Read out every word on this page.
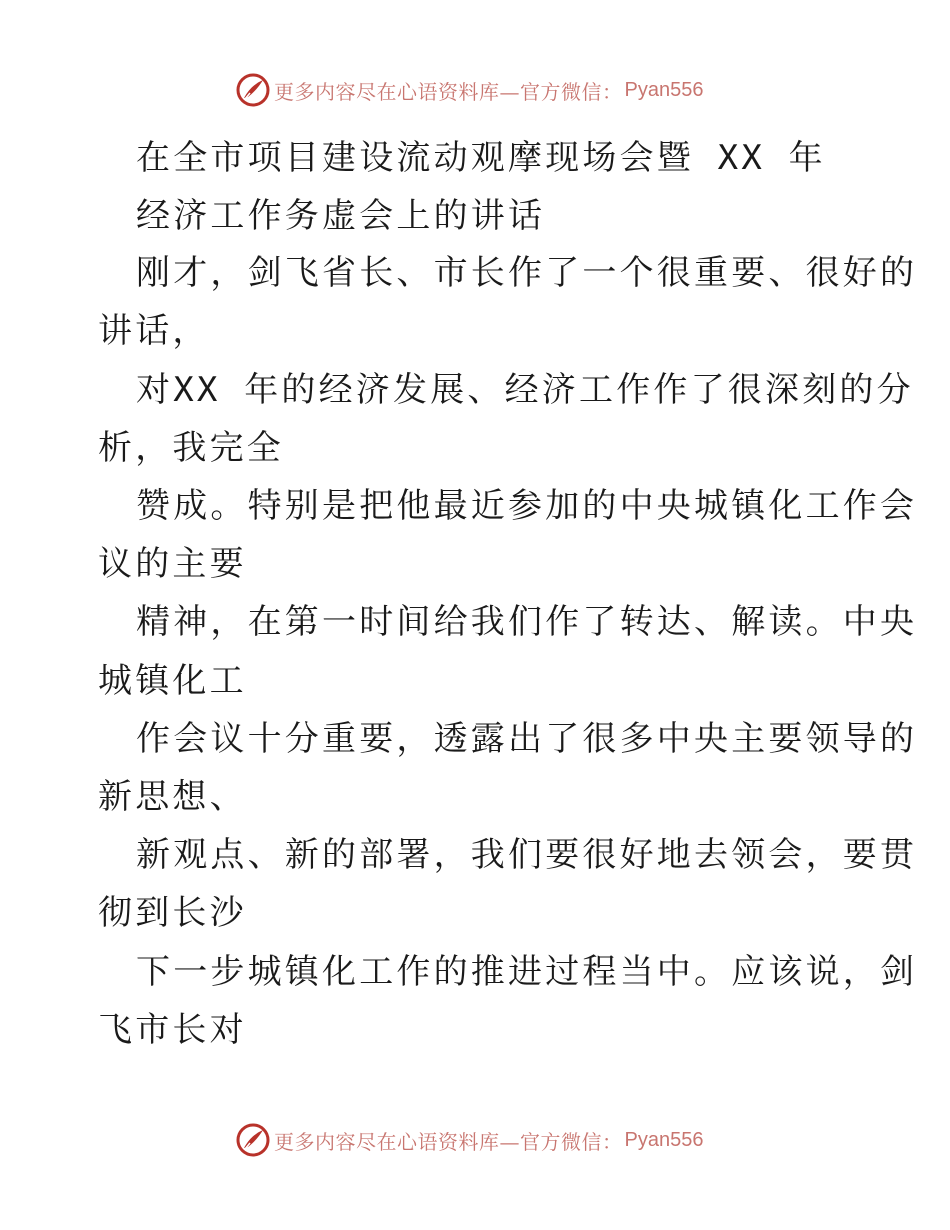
更多内容尽在心语资料库—官方微信： Pyan556
在全市项目建设流动观摩现场会暨 XX 年
经济工作务虚会上的讲话
刚才，剑飞省长、市长作了一个很重要、很好的
讲话，
对XX 年的经济发展、经济工作作了很深刻的分
析，我完全
赞成。特别是把他最近参加的中央城镇化工作会
议的主要
精神，在第一时间给我们作了转达、解读。中央
城镇化工
作会议十分重要，透露出了很多中央主要领导的
新思想、
新观点、新的部署，我们要很好地去领会，要贯
彻到长沙
下一步城镇化工作的推进过程当中。应该说，剑
飞市长对
更多内容尽在心语资料库—官方微信： Pyan556
